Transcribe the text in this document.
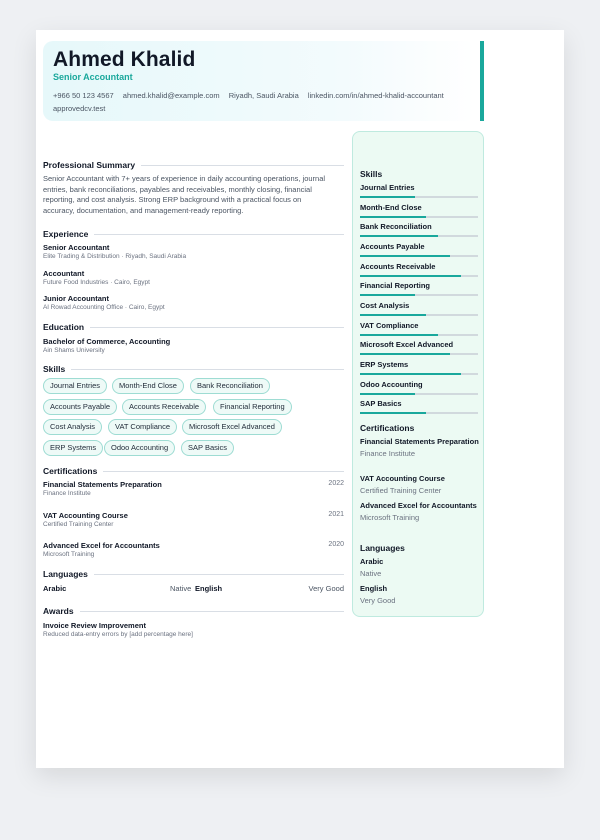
Ahmed Khalid
Senior Accountant
+966 50 123 4567 ahmed.khalid@example.com Riyadh, Saudi Arabia linkedin.com/in/ahmed-khalid-accountant approvedcv.test
Professional Summary
Senior Accountant with 7+ years of experience in daily accounting operations, journal entries, bank reconciliations, payables and receivables, monthly closing, financial reporting, and cost analysis. Strong ERP background with a practical focus on accuracy, documentation, and management-ready reporting.
Experience
Senior Accountant
Elite Trading & Distribution · Riyadh, Saudi Arabia
Accountant
Future Food Industries · Cairo, Egypt
Junior Accountant
Al Rowad Accounting Office · Cairo, Egypt
Education
Bachelor of Commerce, Accounting
Ain Shams University
Skills
Journal Entries	Month-End Close	Bank Reconciliation
Accounts Payable	Accounts Receivable	Financial Reporting
Cost Analysis	VAT Compliance	Microsoft Excel Advanced
ERP Systems	Odoo Accounting	SAP Basics
Certifications
Financial Statements Preparation
Finance Institute
2022
VAT Accounting Course
Certified Training Center
2021
Advanced Excel for Accountants
Microsoft Training
2020
Languages
Arabic	Native English	Very Good
Awards
Invoice Review Improvement
Reduced data-entry errors by [add percentage here]
Skills
Journal Entries
Month-End Close
Bank Reconciliation
Accounts Payable
Accounts Receivable
Financial Reporting
Cost Analysis
VAT Compliance
Microsoft Excel Advanced
ERP Systems
Odoo Accounting
SAP Basics
Certifications
Financial Statements Preparation
Finance Institute
VAT Accounting Course
Certified Training Center
Advanced Excel for Accountants
Microsoft Training
Languages
Arabic
Native
English
Very Good
